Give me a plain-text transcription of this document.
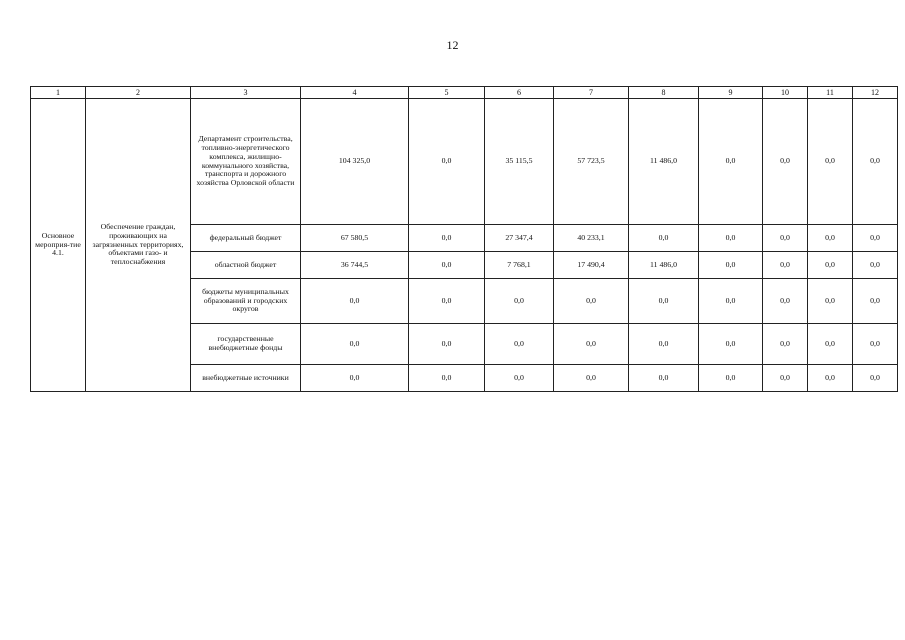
12
1	2	3	4	5	6	7	8	9	10	11	12
Основное мероприя-тие 4.1.	Обеспечение граждан, проживающих на загрязненных территориях, объектами газо- и теплоснабжения	Департамент строительства, топливно-энергетического комплекса, жилищно-коммунального хозяйства, транспорта и дорожного хозяйства Орловской области	104 325,0	0,0	35 115,5	57 723,5	11 486,0	0,0	0,0	0,0	0,0
		федеральный бюджет	67 580,5	0,0	27 347,4	40 233,1	0,0	0,0	0,0	0,0	0,0
		областной бюджет	36 744,5	0,0	7 768,1	17 490,4	11 486,0	0,0	0,0	0,0	0,0
		бюджеты муниципальных образований и городских округов	0,0	0,0	0,0	0,0	0,0	0,0	0,0	0,0	0,0
		государственные внебюджетные фонды	0,0	0,0	0,0	0,0	0,0	0,0	0,0	0,0	0,0
		внебюджетные источники	0,0	0,0	0,0	0,0	0,0	0,0	0,0	0,0	0,0
